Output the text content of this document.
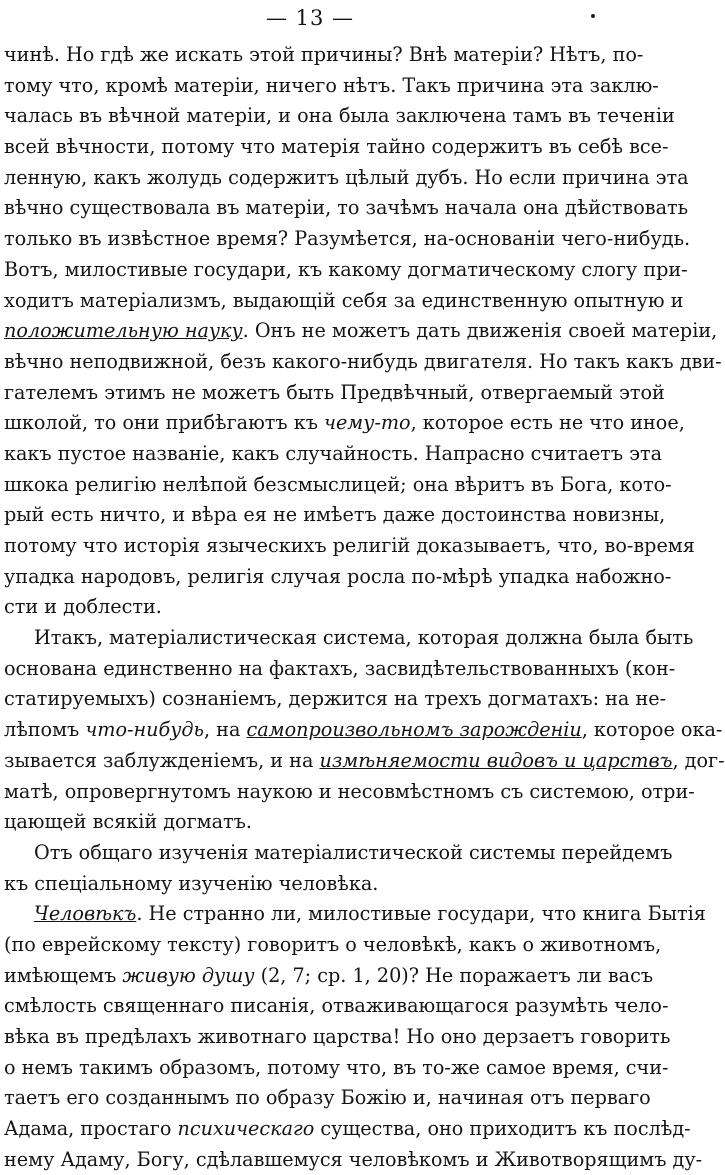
— 13 —
чинѣ. Но гдѣ же искать этой причины? Внѣ матеріи? Нѣтъ, по-
тому что, кромѣ матеріи, ничего нѣтъ. Такъ причина эта заклю-
чалась въ вѣчной матеріи, и она была заключена тамъ въ теченіи
всей вѣчности, потому что матерія тайно содержитъ въ себѣ все-
ленную, какъ жолудь содержитъ цѣлый дубъ. Но если причина эта
вѣчно существовала въ матеріи, то зачѣмъ начала она дѣйствовать
только въ извѣстное время? Разумѣется, на-основаніи чего-нибудь.
Вотъ, милостивые государи, къ какому догматическому слогу при-
ходитъ матеріализмъ, выдающій себя за единственную опытную и
положительную науку. Онъ не можетъ дать движенія своей матеріи,
вѣчно неподвижной, безъ какого-нибудь двигателя. Но такъ какъ дви-
гателемъ этимъ не можетъ быть Предвѣчный, отвергаемый этой
школой, то они прибѣгаютъ къ чему-то, которое есть не что иное,
какъ пустое названіе, какъ случайность. Напрасно считаетъ эта
шкока религію нелѣпой безсмыслицей; она вѣритъ въ Бога, кото-
рый есть ничто, и вѣра ея не имѣетъ даже достоинства новизны,
потому что исторія языческихъ религій доказываетъ, что, во-время
упадка народовъ, религія случая росла по-мѣрѣ упадка набожно-
сти и доблести.
Итакъ, матеріалистическая система, которая должна была быть
основана единственно на фактахъ, засвидѣтельствованныхъ (кон-
статируемыхъ) сознаніемъ, держится на трехъ догматахъ: на не-
лѣпомъ что-нибудь, на самопроизвольномъ зарожденіи, которое ока-
зывается заблужденіемъ, и на измѣняемости видовъ и царствъ, дог-
матѣ, опровергнутомъ наукою и несовмѣстномъ съ системою, отри-
цающей всякій догматъ.
Отъ общаго изученія матеріалистической системы перейдемъ
къ спеціальному изученію человѣка.
Человѣкъ. Не странно ли, милостивые государи, что книга Бытія
(по еврейскому тексту) говоритъ о человѣкѣ, какъ о животномъ,
имѣющемъ живую душу (2, 7; ср. 1, 20)? Не поражаетъ ли васъ
смѣлость священнаго писанія, отваживающагося разумѣть чело-
вѣка въ предѣлахъ животнаго царства! Но оно дерзаетъ говорить
о немъ такимъ образомъ, потому что, въ то-же самое время, счи-
таетъ его созданнымъ по образу Божію и, начиная отъ перваго
Адама, простаго психическаго существа, оно приходитъ къ послѣд-
нему Адаму, Богу, сдѣлавшемуся человѣкомъ и Животворящимъ ду-
